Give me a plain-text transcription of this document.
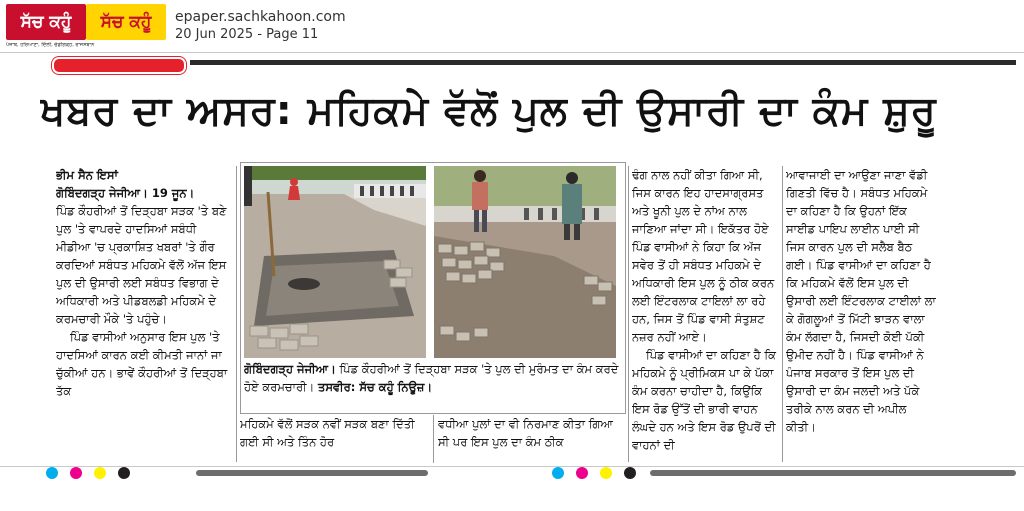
ਸੱਚ ਕਹੂੰ	ਸੱਚ ਕਹੂੰ
ਪੰਜਾਬ, ਹਰਿਆਣਾ, ਦਿੱਲੀ, ਚੰਡੀਗੜ੍ਹ, ਰਾਜਸਥਾਨ
epaper.sachkahoon.com
20 Jun 2025 - Page 11
ਖਬਰ ਦਾ ਅਸਰ: ਮਹਿਕਮੇ ਵੱਲੋਂ ਪੁਲ ਦੀ ਉਸਾਰੀ ਦਾ ਕੰਮ ਸ਼ੁਰੂ
ਭੀਮ ਸੈਨ ਇਸਾਂ
ਗੋਬਿੰਦਗੜ੍ਹ ਜੇਜੀਆ। 19 ਜੂਨ।
ਪਿੰਡ ਕੌਹਰੀਆਂ ਤੋਂ ਦਿੜ੍ਹਬਾ ਸੜਕ 'ਤੇ ਬਣੇ ਪੁਲ 'ਤੇ ਵਾਪਰਦੇ ਹਾਦਸਿਆਂ ਸਬੰਧੀ ਮੀਡੀਆ 'ਚ ਪ੍ਰਕਾਸ਼ਿਤ ਖਬਰਾਂ 'ਤੇ ਗੌਰ ਕਰਦਿਆਂ ਸਬੰਧਤ ਮਹਿਕਮੇ ਵੱਲੋਂ ਅੱਜ ਇਸ ਪੁਲ ਦੀ ਉਸਾਰੀ ਲਈ ਸਬੰਧਤ ਵਿਭਾਗ ਦੇ ਅਧਿਕਾਰੀ ਅਤੇ ਪੀਡਬਲਡੀ ਮਹਿਕਮੇ ਦੇ ਕਰਮਚਾਰੀ ਮੌਕੇ 'ਤੇ ਪਹੁੰਚੇ।
ਪਿੰਡ ਵਾਸੀਆਂ ਅਨੁਸਾਰ ਇਸ ਪੁਲ 'ਤੇ ਹਾਦਸਿਆਂ ਕਾਰਨ ਕਈ ਕੀਮਤੀ ਜਾਨਾਂ ਜਾ ਚੁੱਕੀਆਂ ਹਨ। ਭਾਵੇਂ ਕੌਹਰੀਆਂ ਤੋਂ ਦਿੜ੍ਹਬਾ ਤੱਕ
ਗੋਬਿੰਦਗੜ੍ਹ ਜੇਜੀਆ। ਪਿੰਡ ਕੌਹਰੀਆਂ ਤੋਂ ਦਿੜ੍ਹਬਾ ਸੜਕ 'ਤੇ ਪੁਲ ਦੀ ਮੁਰੰਮਤ ਦਾ ਕੰਮ ਕਰਦੇ ਹੋਏ ਕਰਮਚਾਰੀ। ਤਸਵੀਰ: ਸੱਚ ਕਹੂੰ ਨਿਊਜ਼।
ਮਹਿਕਮੇ ਵੱਲੋਂ ਸੜਕ ਨਵੀਂ ਸੜਕ ਬਣਾ ਦਿੱਤੀ ਗਈ ਸੀ ਅਤੇ ਤਿੰਨ ਹੋਰ
ਵਧੀਆ ਪੁਲਾਂ ਦਾ ਵੀ ਨਿਰਮਾਣ ਕੀਤਾ ਗਿਆ ਸੀ ਪਰ ਇਸ ਪੁਲ ਦਾ ਕੰਮ ਠੀਕ
ਢੰਗ ਨਾਲ ਨਹੀਂ ਕੀਤਾ ਗਿਆ ਸੀ, ਜਿਸ ਕਾਰਨ ਇਹ ਹਾਦਸਾਗ੍ਰਸਤ ਅਤੇ ਖੂਨੀ ਪੁਲ ਦੇ ਨਾਂਅ ਨਾਲ ਜਾਣਿਆ ਜਾਂਦਾ ਸੀ। ਇਕੱਤਰ ਹੋਏ ਪਿੰਡ ਵਾਸੀਆਂ ਨੇ ਕਿਹਾ ਕਿ ਅੱਜ ਸਵੇਰ ਤੋਂ ਹੀ ਸਬੰਧਤ ਮਹਿਕਮੇ ਦੇ ਅਧਿਕਾਰੀ ਇਸ ਪੁਲ ਨੂੰ ਠੀਕ ਕਰਨ ਲਈ ਇੰਟਰਲਾਕ ਟਾਇਲਾਂ ਲਾ ਰਹੇ ਹਨ, ਜਿਸ ਤੋਂ ਪਿੰਡ ਵਾਸੀ ਸੰਤੁਸ਼ਟ ਨਜ਼ਰ ਨਹੀਂ ਆਏ।
ਪਿੰਡ ਵਾਸੀਆਂ ਦਾ ਕਹਿਣਾ ਹੈ ਕਿ ਮਹਿਕਮੇ ਨੂੰ ਪ੍ਰੀਮਿਕਸ ਪਾ ਕੇ ਪੱਕਾ ਕੰਮ ਕਰਨਾ ਚਾਹੀਦਾ ਹੈ, ਕਿਉਂਕਿ ਇਸ ਰੋਡ ਉੱਤੋਂ ਦੀ ਭਾਰੀ ਵਾਹਨ ਲੰਘਦੇ ਹਨ ਅਤੇ ਇਸ ਰੋਡ ਉਪਰੋਂ ਦੀ ਵਾਹਨਾਂ ਦੀ
ਆਵਾਜਾਈ ਦਾ ਆਉਣਾ ਜਾਣਾ ਵੱਡੀ ਗਿਣਤੀ ਵਿੱਚ ਹੈ। ਸਬੰਧਤ ਮਹਿਕਮੇ ਦਾ ਕਹਿਣਾ ਹੈ ਕਿ ਉਹਨਾਂ ਇੱਕ ਸਾਈਡ ਪਾਇਪ ਲਾਈਨ ਪਾਈ ਸੀ ਜਿਸ ਕਾਰਨ ਪੁਲ ਦੀ ਸਲੈਬ ਬੈਠ ਗਈ। ਪਿੰਡ ਵਾਸੀਆਂ ਦਾ ਕਹਿਣਾ ਹੈ ਕਿ ਮਹਿਕਮੇ ਵੱਲੋਂ ਇਸ ਪੁਲ ਦੀ ਉਸਾਰੀ ਲਈ ਇੰਟਰਲਾਕ ਟਾਈਲਾਂ ਲਾ ਕੇ ਗੋਗਲੂਆਂ ਤੋਂ ਮਿੱਟੀ ਝਾੜਨ ਵਾਲਾ ਕੰਮ ਲੱਗਦਾ ਹੈ, ਜਿਸਦੀ ਕੋਈ ਪੱਕੀ ਉਮੀਦ ਨਹੀਂ ਹੈ। ਪਿੰਡ ਵਾਸੀਆਂ ਨੇ ਪੰਜਾਬ ਸਰਕਾਰ ਤੋਂ ਇਸ ਪੁਲ ਦੀ ਉਸਾਰੀ ਦਾ ਕੰਮ ਜਲਦੀ ਅਤੇ ਪੱਕੇ ਤਰੀਕੇ ਨਾਲ ਕਰਨ ਦੀ ਅਪੀਲ ਕੀਤੀ।
